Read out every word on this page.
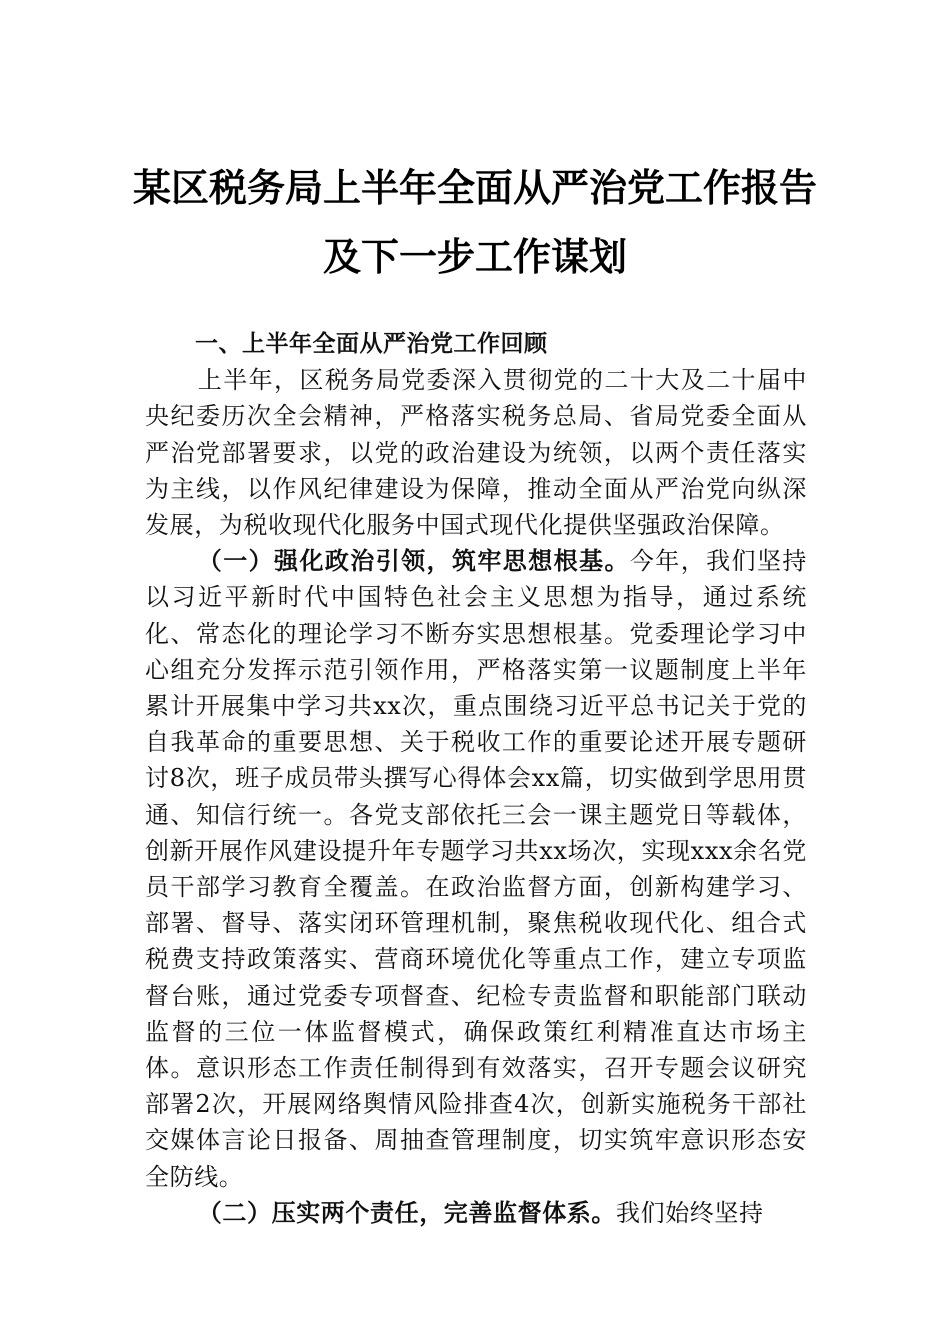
某区税务局上半年全面从严治党工作报告
及下一步工作谋划
一、上半年全面从严治党工作回顾

上半年，区税务局党委深入贯彻党的二十大及二十届中央纪委历次全会精神，严格落实税务总局、省局党委全面从严治党部署要求，以党的政治建设为统领，以两个责任落实为主线，以作风纪律建设为保障，推动全面从严治党向纵深发展，为税收现代化服务中国式现代化提供坚强政治保障。

（一）强化政治引领，筑牢思想根基。今年，我们坚持以习近平新时代中国特色社会主义思想为指导，通过系统化、常态化的理论学习不断夯实思想根基。党委理论学习中心组充分发挥示范引领作用，严格落实第一议题制度上半年累计开展集中学习共xx次，重点围绕习近平总书记关于党的自我革命的重要思想、关于税收工作的重要论述开展专题研讨8次，班子成员带头撰写心得体会xx篇，切实做到学思用贯通、知信行统一。各党支部依托三会一课主题党日等载体，创新开展作风建设提升年专题学习共xx场次，实现xxx余名党员干部学习教育全覆盖。在政治监督方面，创新构建学习、部署、督导、落实闭环管理机制，聚焦税收现代化、组合式税费支持政策落实、营商环境优化等重点工作，建立专项监督台账，通过党委专项督查、纪检专责监督和职能部门联动监督的三位一体监督模式，确保政策红利精准直达市场主体。意识形态工作责任制得到有效落实，召开专题会议研究部署2次，开展网络舆情风险排查4次，创新实施税务干部社交媒体言论日报备、周抽查管理制度，切实筑牢意识形态安全防线。

（二）压实两个责任，完善监督体系。我们始终坚持
